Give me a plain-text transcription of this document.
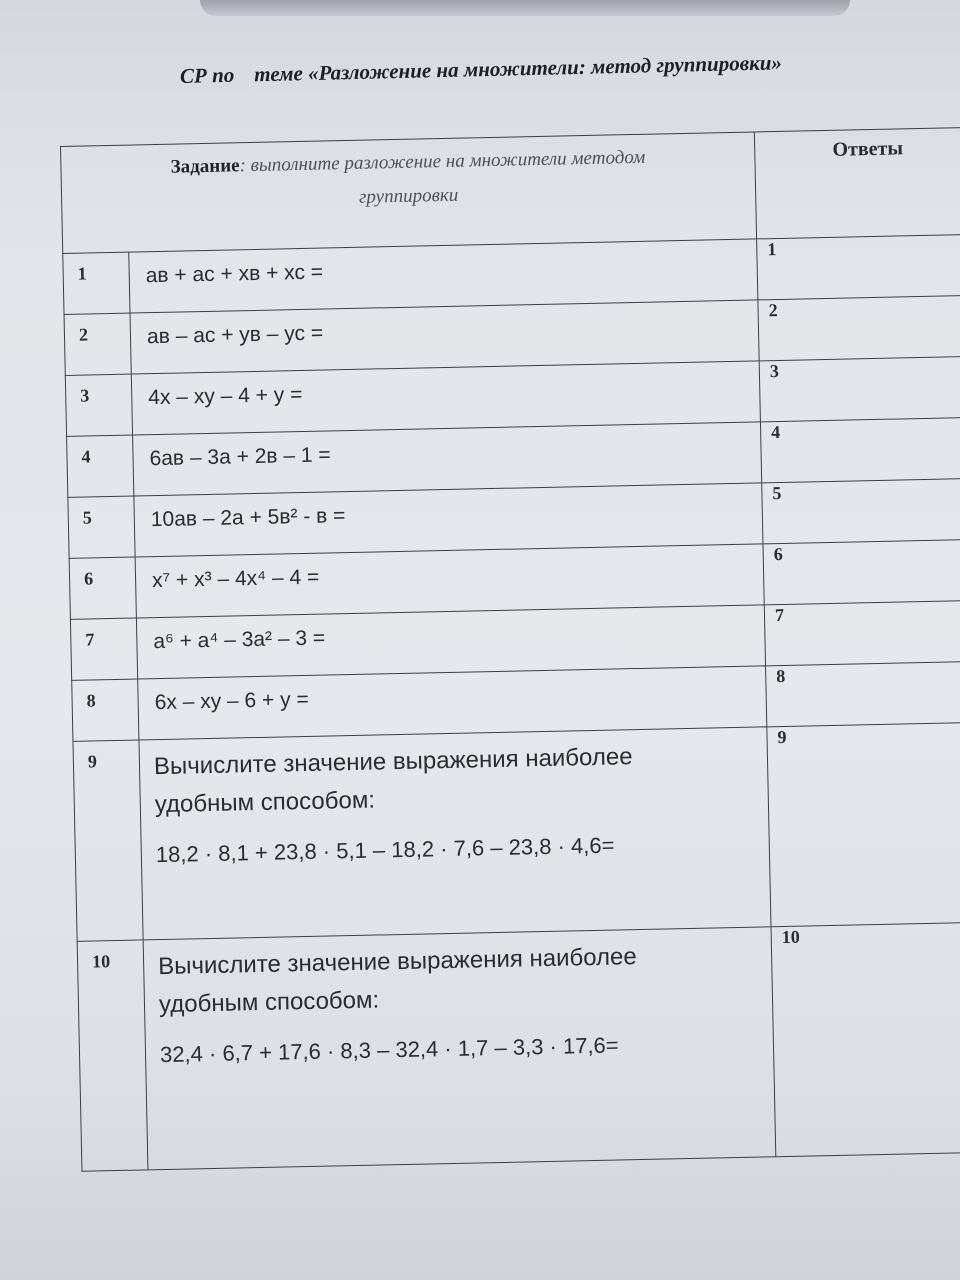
СР по теме «Разложение на множители: метод группировки»
Задание: выполните разложение на множители методом
группировки		Ответы
1	ав + ас + хв + хс =	1
2	ав – ас + ув – ус =	2
3	4х – ху – 4 + у =	3
4	6ав – 3а + 2в – 1 =	4
5	10ав – 2а + 5в² - в =	5
6	x⁷ + x³ – 4x⁴ – 4 =	6
7	a⁶ + a⁴ – 3a² – 3 =	7
8	6х – ху – 6 + у =	8
9	Вычислите значение выражения наиболее
удобным способом:
18,2 · 8,1 + 23,8 · 5,1 – 18,2 · 7,6 – 23,8 · 4,6=	9
10	Вычислите значение выражения наиболее
удобным способом:
32,4 · 6,7 + 17,6 · 8,3 – 32,4 · 1,7 – 3,3 · 17,6=	10
